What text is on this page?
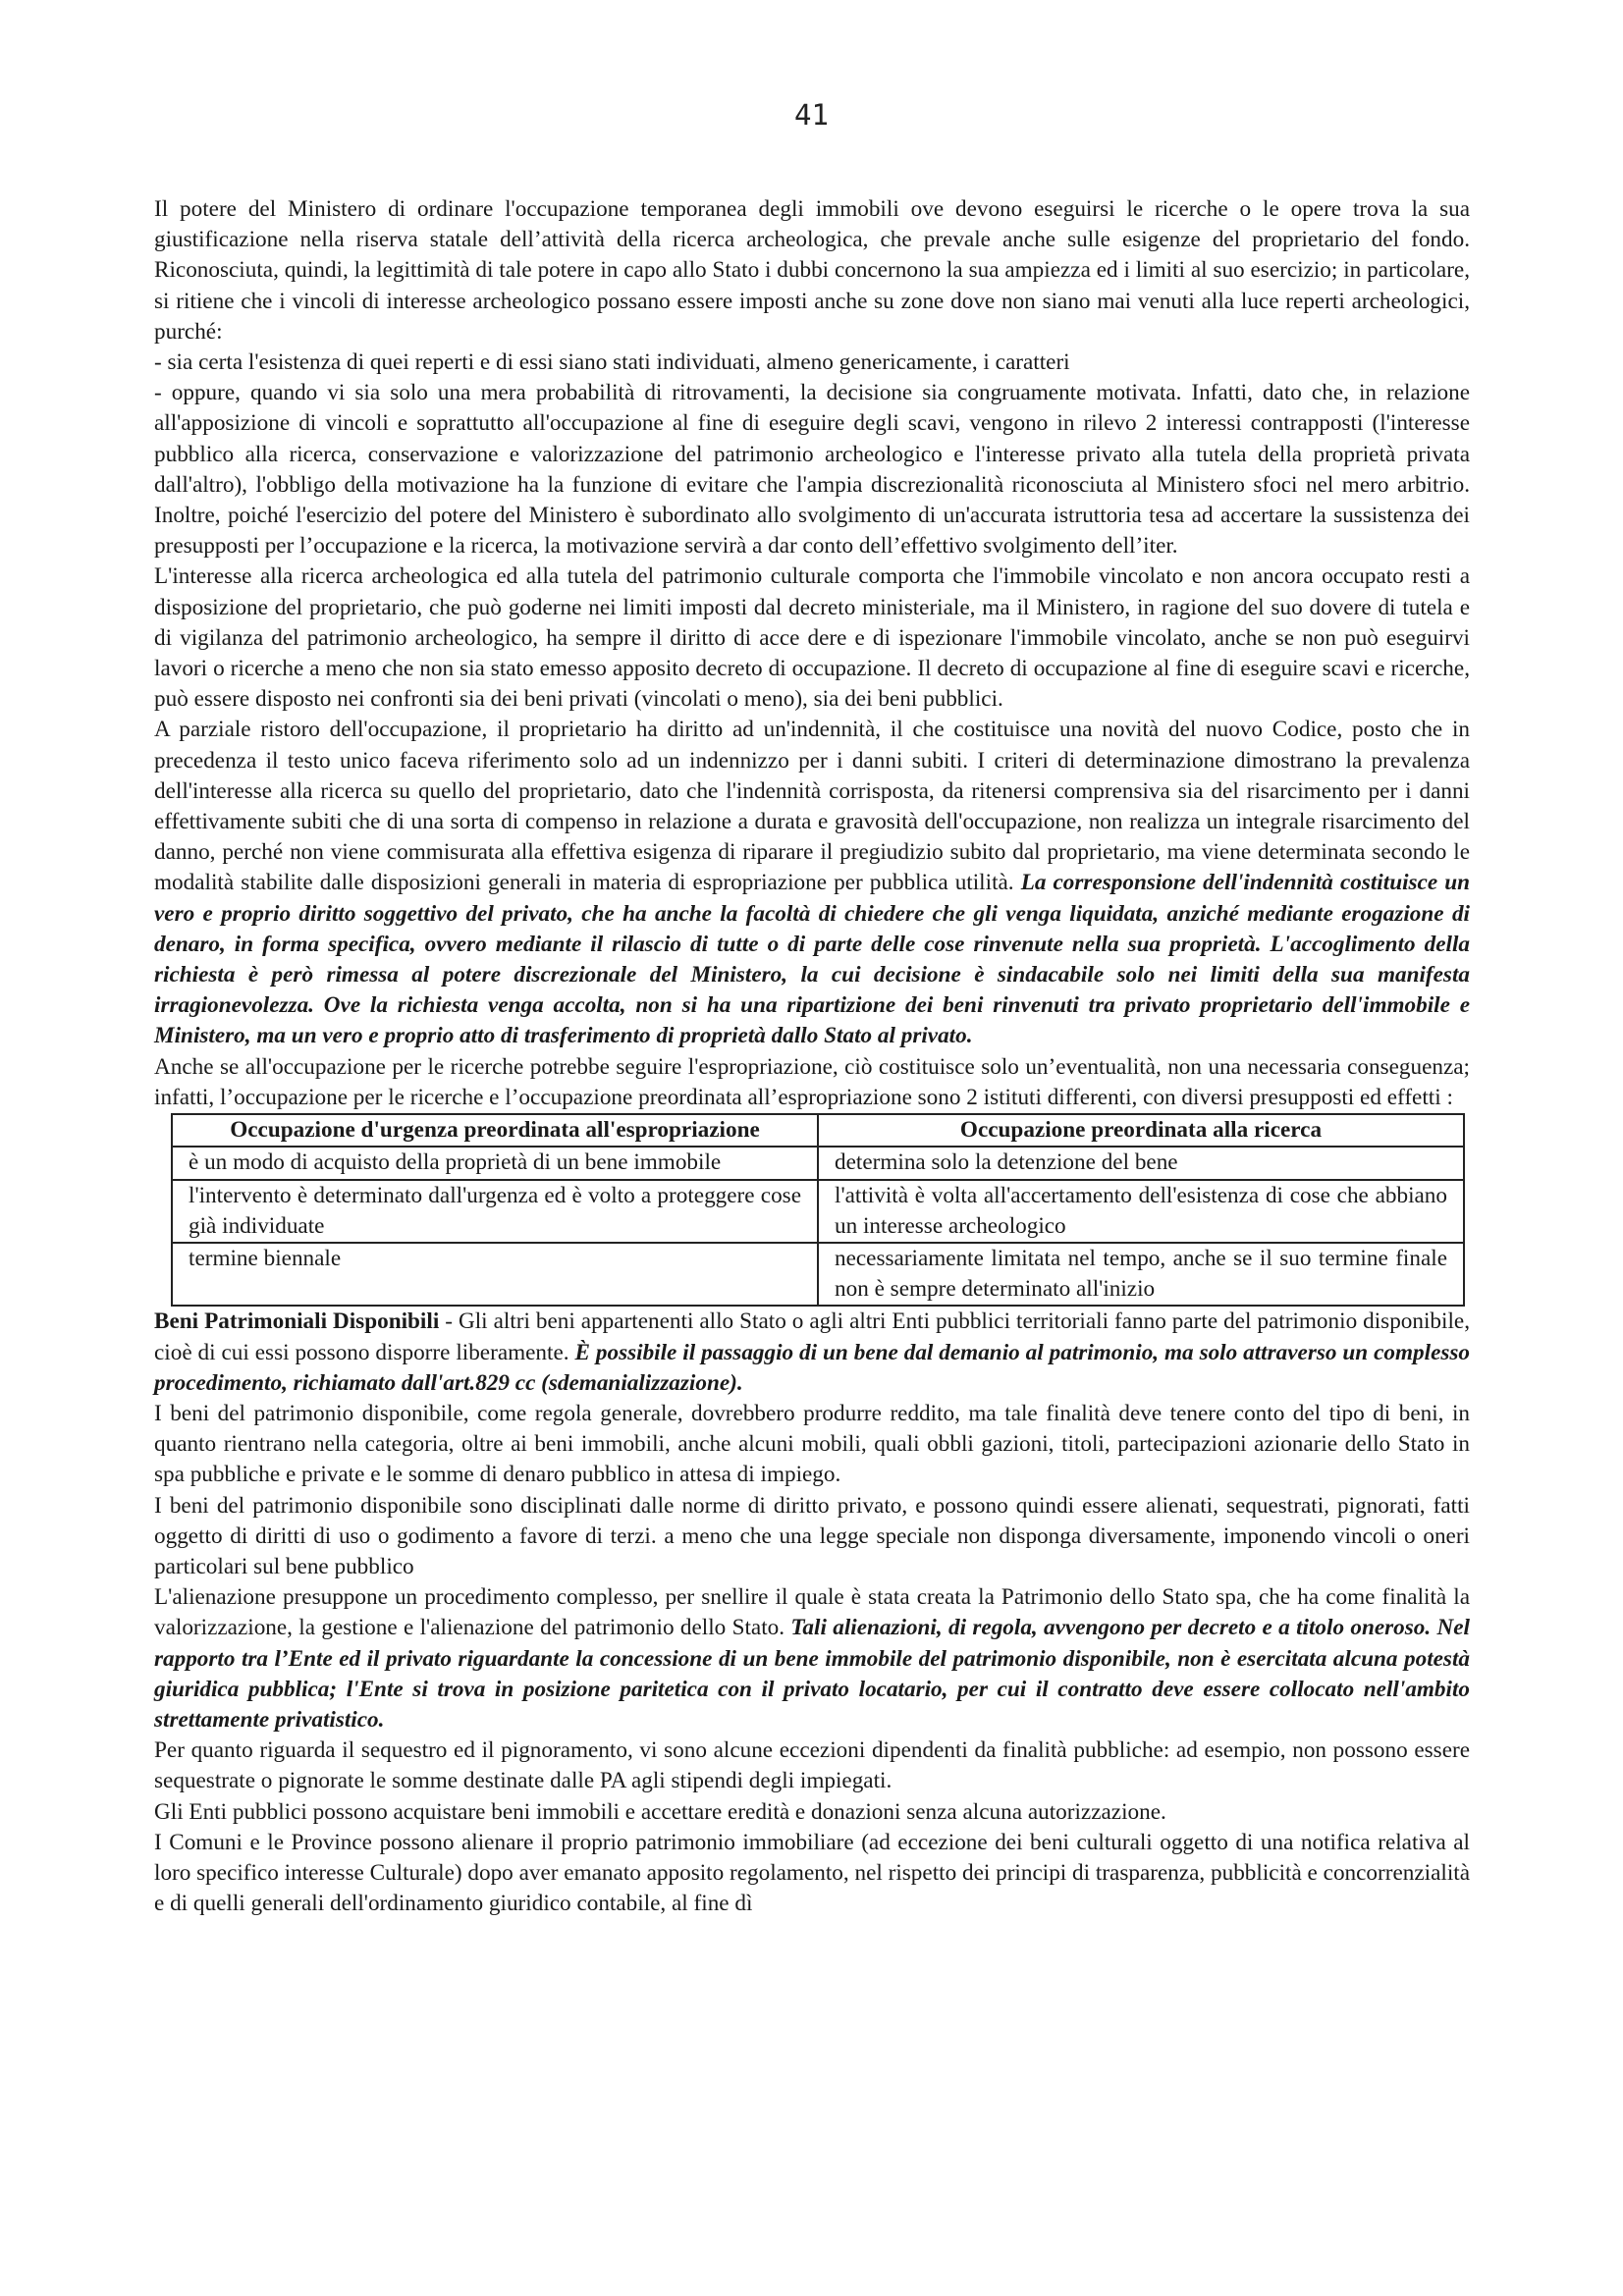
41

Il potere del Ministero di ordinare l'occupazione temporanea degli immobili ove devono eseguirsi le ricerche o le opere trova la sua giustificazione nella riserva statale dell’attività della ricerca archeologica, che prevale anche sulle esigenze del proprietario del fondo. Riconosciuta, quindi, la legittimità di tale potere in capo allo Stato i dubbi concernono la sua ampiezza ed i limiti al suo esercizio; in particolare, si ritiene che i vincoli di interesse archeologico possano essere imposti anche su zone dove non siano mai venuti alla luce reperti archeologici, purché:

- sia certa l'esistenza di quei reperti e di essi siano stati individuati, almeno genericamente, i caratteri

- oppure, quando vi sia solo una mera probabilità di ritrovamenti, la decisione sia congruamente motivata. Infatti, dato che, in relazione all'apposizione di vincoli e soprattutto all'occupazione al fine di eseguire degli scavi, vengono in rilevo 2 interessi contrapposti (l'interesse pubblico alla ricerca, conservazione e valorizzazione del patrimonio archeologico e l'interesse privato alla tutela della proprietà privata dall'altro), l'obbligo della motivazione ha la funzione di evitare che l'ampia discrezionalità riconosciuta al Ministero sfoci nel mero arbitrio. Inoltre, poiché l'esercizio del potere del Ministero è subordinato allo svolgimento di un'accurata istruttoria tesa ad accertare la sussistenza dei presupposti per l’occupazione e la ricerca, la motivazione servirà a dar conto dell’effettivo svolgimento dell’iter.

L'interesse alla ricerca archeologica ed alla tutela del patrimonio culturale comporta che l'immobile vincolato e non ancora occupato resti a disposizione del proprietario, che può goderne nei limiti imposti dal decreto ministeriale, ma il Ministero, in ragione del suo dovere di tutela e di vigilanza del patrimonio archeologico, ha sempre il diritto di acce dere e di ispezionare l'immobile vincolato, anche se non può eseguirvi lavori o ricerche a meno che non sia stato emesso apposito decreto di occupazione. Il decreto di occupazione al fine di eseguire scavi e ricerche, può essere disposto nei confronti sia dei beni privati (vincolati o meno), sia dei beni pubblici.

A parziale ristoro dell'occupazione, il proprietario ha diritto ad un'indennità, il che costituisce una novità del nuovo Codice, posto che in precedenza il testo unico faceva riferimento solo ad un indennizzo per i danni subiti. I criteri di determinazione dimostrano la prevalenza dell'interesse alla ricerca su quello del proprietario, dato che l'indennità corrisposta, da ritenersi comprensiva sia del risarcimento per i danni effettivamente subiti che di una sorta di compenso in relazione a durata e gravosità dell'occupazione, non realizza un integrale risarcimento del danno, perché non viene commisurata alla effettiva esigenza di riparare il pregiudizio subito dal proprietario, ma viene determinata secondo le modalità stabilite dalle disposizioni generali in materia di espropriazione per pubblica utilità. La corresponsione dell'indennità costituisce un vero e proprio diritto soggettivo del privato, che ha anche la facoltà di chiedere che gli venga liquidata, anziché mediante erogazione di denaro, in forma specifica, ovvero mediante il rilascio di tutte o di parte delle cose rinvenute nella sua proprietà. L'accoglimento della richiesta è però rimessa al potere discrezionale del Ministero, la cui decisione è sindacabile solo nei limiti della sua manifesta irragionevolezza. Ove la richiesta venga accolta, non si ha una ripartizione dei beni rinvenuti tra privato proprietario dell'immobile e Ministero, ma un vero e proprio atto di trasferimento di proprietà dallo Stato al privato.

Anche se all'occupazione per le ricerche potrebbe seguire l'espropriazione, ciò costituisce solo un’eventualità, non una necessaria conseguenza; infatti, l’occupazione per le ricerche e l’occupazione preordinata all’espropriazione sono 2 istituti differenti, con diversi presupposti ed effetti :

Occupazione d'urgenza preordinata all'espropriazione	Occupazione preordinata alla ricerca
è un modo di acquisto della proprietà di un bene immobile	determina solo la detenzione del bene
l'intervento è determinato dall'urgenza ed è volto a proteggere cose già individuate	l'attività è volta all'accertamento dell'esistenza di cose che abbiano un interesse archeologico
termine biennale	necessariamente limitata nel tempo, anche se il suo termine finale non è sempre determinato all'inizio

Beni Patrimoniali Disponibili - Gli altri beni appartenenti allo Stato o agli altri Enti pubblici territoriali fanno parte del patrimonio disponibile, cioè di cui essi possono disporre liberamente. È possibile il passaggio di un bene dal demanio al patrimonio, ma solo attraverso un complesso procedimento, richiamato dall'art.829 cc (sdemanializzazione).

I beni del patrimonio disponibile, come regola generale, dovrebbero produrre reddito, ma tale finalità deve tenere conto del tipo di beni, in quanto rientrano nella categoria, oltre ai beni immobili, anche alcuni mobili, quali obbli gazioni, titoli, partecipazioni azionarie dello Stato in spa pubbliche e private e le somme di denaro pubblico in attesa di impiego.

I beni del patrimonio disponibile sono disciplinati dalle norme di diritto privato, e possono quindi essere alienati, sequestrati, pignorati, fatti oggetto di diritti di uso o godimento a favore di terzi. a meno che una legge speciale non disponga diversamente, imponendo vincoli o oneri particolari sul bene pubblico

L'alienazione presuppone un procedimento complesso, per snellire il quale è stata creata la Patrimonio dello Stato spa, che ha come finalità la valorizzazione, la gestione e l'alienazione del patrimonio dello Stato. Tali alienazioni, di regola, avvengono per decreto e a titolo oneroso. Nel rapporto tra l’Ente ed il privato riguardante la concessione di un bene immobile del patrimonio disponibile, non è esercitata alcuna potestà giuridica pubblica; l'Ente si trova in posizione paritetica con il privato locatario, per cui il contratto deve essere collocato nell'ambito strettamente privatistico.

Per quanto riguarda il sequestro ed il pignoramento, vi sono alcune eccezioni dipendenti da finalità pubbliche: ad esempio, non possono essere sequestrate o pignorate le somme destinate dalle PA agli stipendi degli impiegati.

Gli Enti pubblici possono acquistare beni immobili e accettare eredità e donazioni senza alcuna autorizzazione.

I Comuni e le Province possono alienare il proprio patrimonio immobiliare (ad eccezione dei beni culturali oggetto di una notifica relativa al loro specifico interesse Culturale) dopo aver emanato apposito regolamento, nel rispetto dei principi di trasparenza, pubblicità e concorrenzialità e di quelli generali dell'ordinamento giuridico contabile, al fine dì
